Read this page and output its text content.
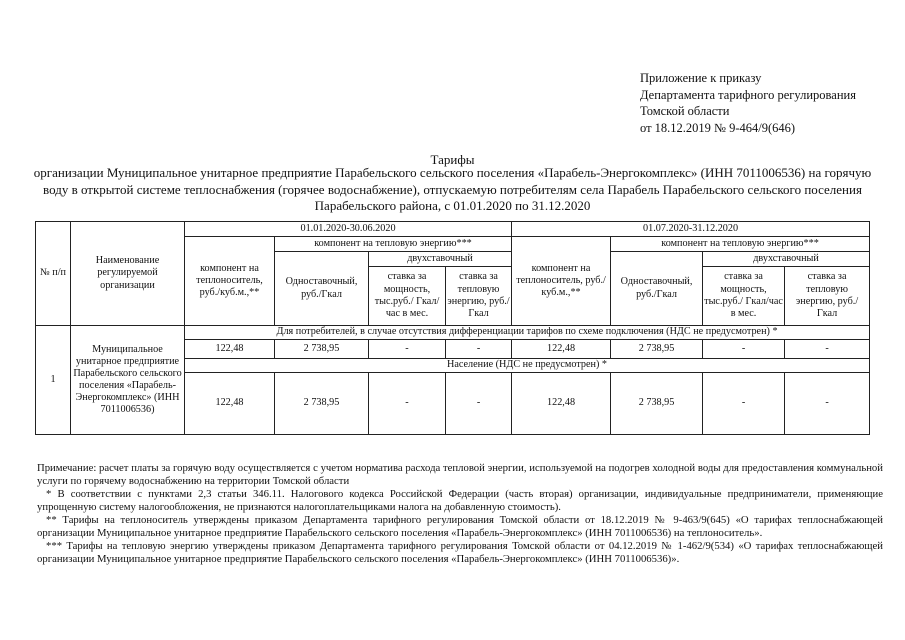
Приложение к приказу
Департамента тарифного регулирования
Томской области
от 18.12.2019 № 9-464/9(646)
Тарифы
организации Муниципальное унитарное предприятие Парабельского сельского поселения «Парабель-Энергокомплекс» (ИНН 7011006536) на горячую воду в открытой системе теплоснабжения (горячее водоснабжение), отпускаемую потребителям села Парабель Парабельского сельского поселения Парабельского района, с 01.01.2020 по 31.12.2020
№ п/п	Наименование регулируемой организации	01.01.2020-30.06.2020				01.07.2020-31.12.2020			
		компонент на теплоноситель, руб./куб.м.,**	компонент на тепловую энергию***			компонент на теплоноситель, руб./куб.м.,**	компонент на тепловую энергию***		
			Одноставочный, руб./Гкал	двухставочный			Одноставочный, руб./Гкал	двухставочный	
				ставка за мощность, тыс.руб./ Гкал/час в мес.	ставка за тепловую энергию, руб./Гкал			ставка за мощность, тыс.руб./ Гкал/час в мес.	ставка за тепловую энергию, руб./Гкал
1	Муниципальное унитарное предприятие Парабельского сельского поселения «Парабель-Энергокомплекс» (ИНН 7011006536)	Для потребителей, в случае отсутствия дифференциации тарифов по схеме подключения (НДС не предусмотрен) *							
		122,48	2 738,95	-	-	122,48	2 738,95	-	-
		Население (НДС не предусмотрен) *							
		122,48	2 738,95	-	-	122,48	2 738,95	-	-

Примечание: расчет платы за горячую воду осуществляется с учетом норматива расхода тепловой энергии, используемой на подогрев холодной воды для предоставления коммунальной услуги по горячему водоснабжению на территории Томской области

* В соответствии с пунктами 2,3 статьи 346.11. Налогового кодекса Российской Федерации (часть вторая) организации, индивидуальные предприниматели, применяющие упрощенную систему налогообложения, не признаются налогоплательщиками налога на добавленную стоимость).

** Тарифы на теплоноситель утверждены приказом Департамента тарифного регулирования Томской области от 18.12.2019 № 9-463/9(645) «О тарифах теплоснабжающей организации Муниципальное унитарное предприятие Парабельского сельского поселения «Парабель-Энергокомплекс» (ИНН 7011006536) на теплоноситель».

*** Тарифы на тепловую энергию утверждены приказом Департамента тарифного регулирования Томской области от 04.12.2019 № 1-462/9(534) «О тарифах теплоснабжающей организации Муниципальное унитарное предприятие Парабельского сельского поселения «Парабель-Энергокомплекс» (ИНН 7011006536)».
